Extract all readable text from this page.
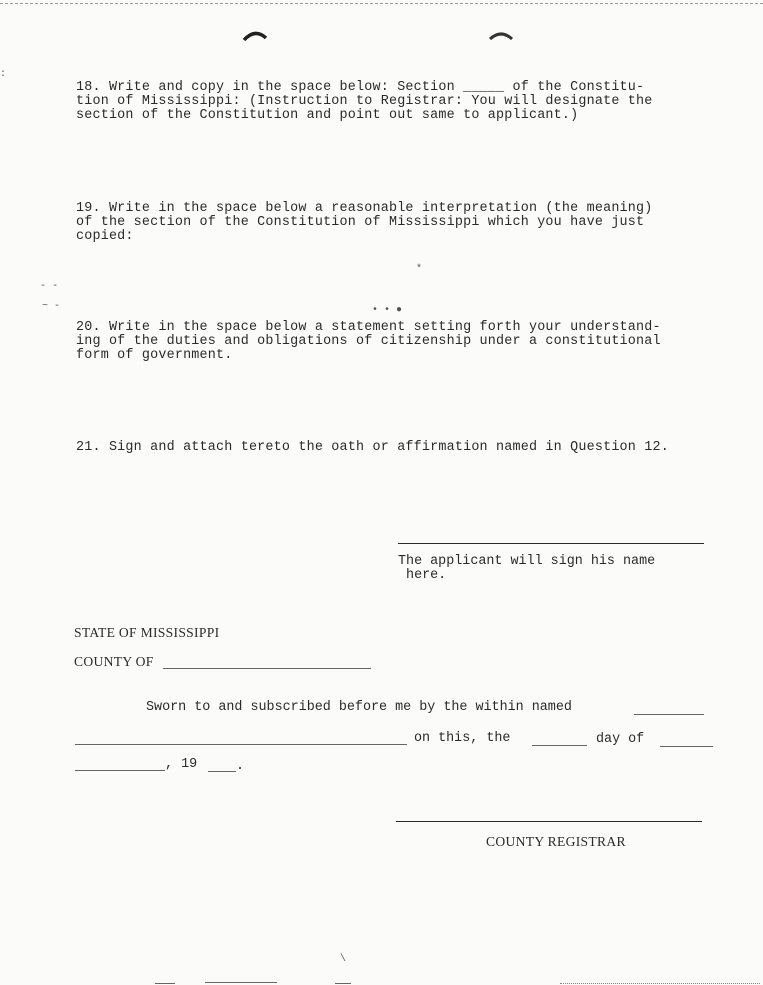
:
- -
~ -	• • ●
*

18. Write and copy in the space below: Section _____ of the Constitu-
tion of Mississippi: (Instruction to Registrar: You will designate the
section of the Constitution and point out same to applicant.)

19. Write in the space below a reasonable interpretation (the meaning)
of the section of the Constitution of Mississippi which you have just
copied:

20. Write in the space below a statement setting forth your understand-
ing of the duties and obligations of citizenship under a constitutional
form of government.

21. Sign and attach tereto the oath or affirmation named in Question 12.

The applicant will sign his name
here.
STATE OF MISSISSIPPI
COUNTY OF
Sworn to and subscribed before me by the within named
on this, the	day of
, 19	.
COUNTY REGISTRAR
\
